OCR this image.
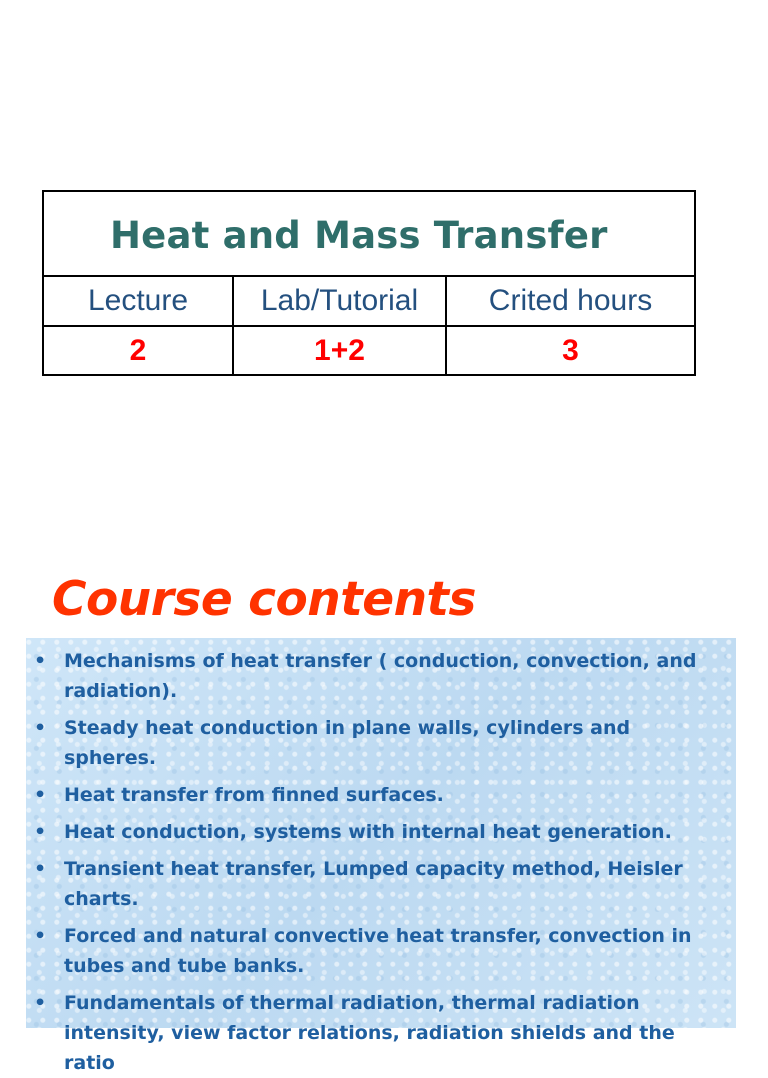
Heat and Mass Transfer
Lecture	Lab/Tutorial	Crited hours
2	1+2	3
Course contents
• Mechanisms of heat transfer ( conduction, convection, and radiation).
• Steady heat conduction in plane walls, cylinders and spheres.
• Heat transfer from finned surfaces.
• Heat conduction, systems with internal heat generation.
• Transient heat transfer, Lumped capacity method, Heisler charts.
• Forced and natural convective heat transfer, convection in tubes and tube banks.
• Fundamentals of thermal radiation, thermal radiation intensity, view factor relations, radiation shields and the ratio
